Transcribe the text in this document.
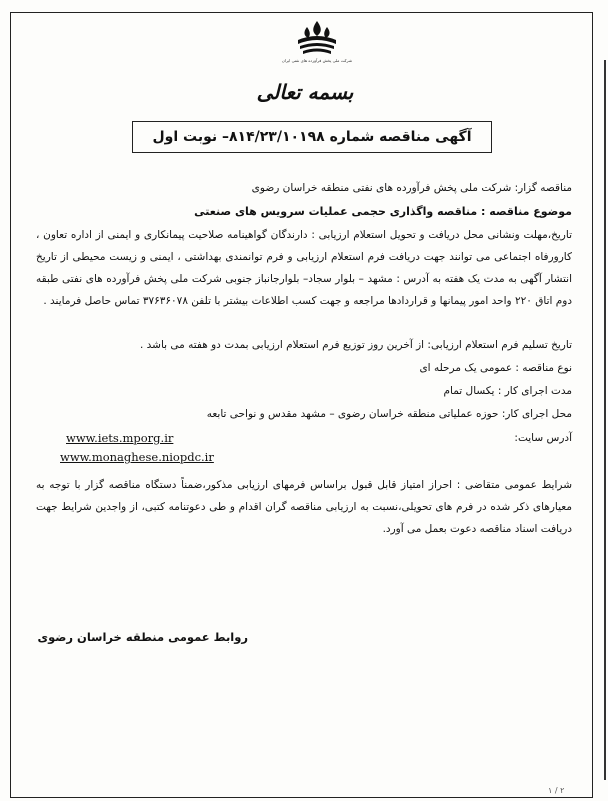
شرکت ملی پخش فرآورده های نفتی ایران
بسمه تعالی
آگهی مناقصه شماره ۸۱۴/۲۳/۱۰۱۹۸– نوبت اول
مناقصه گزار: شرکت ملی پخش فرآورده های نفتی منطقه خراسان رضوی
موضوع مناقصه : مناقصه واگذاری حجمی عملیات سرویس های صنعتی
تاریخ،مهلت ونشانی محل دریافت و تحویل استعلام ارزیابی : دارندگان گواهینامه صلاحیت پیمانکاری و ایمنی از اداره تعاون ، کارورفاه اجتماعی می توانند جهت دریافت فرم استعلام ارزیابی و فرم توانمندی بهداشتی ، ایمنی و زیست محیطی از تاریخ انتشار آگهی به مدت یک هفته به آدرس : مشهد – بلوار سجاد– بلوارجانباز جنوبی شرکت ملی پخش فرآورده های نفتی طبقه دوم اتاق ۲۲۰ واحد امور پیمانها و قراردادها مراجعه و جهت کسب اطلاعات بیشتر با تلفن ۳۷۶۳۶۰۷۸ تماس حاصل فرمایند .
تاریخ تسلیم فرم استعلام ارزیابی: از آخرین روز توزیع فرم استعلام ارزیابی بمدت دو هفته می باشد .
نوع مناقصه : عمومی یک مرحله ای
مدت اجرای کار : یکسال تمام
محل اجرای کار: حوزه عملیاتی منطقه خراسان رضوی – مشهد مقدس و نواحی تابعه
آدرس سایت:
www.iets.mporg.ir
www.monaghese.niopdc.ir
شرایط عمومی متقاضی : احراز امتیاز قابل قبول براساس فرمهای ارزیابی مذکور،ضمناً دستگاه مناقصه گزار با توجه به معیارهای ذکر شده در فرم های تحویلی،نسبت به ارزیابی مناقصه گران اقدام و طی دعوتنامه کتبی، از واجدین شرایط جهت دریافت اسناد مناقصه دعوت بعمل می آورد.
روابط عمومی منطقه خراسان رضوی
۱ / ۲
